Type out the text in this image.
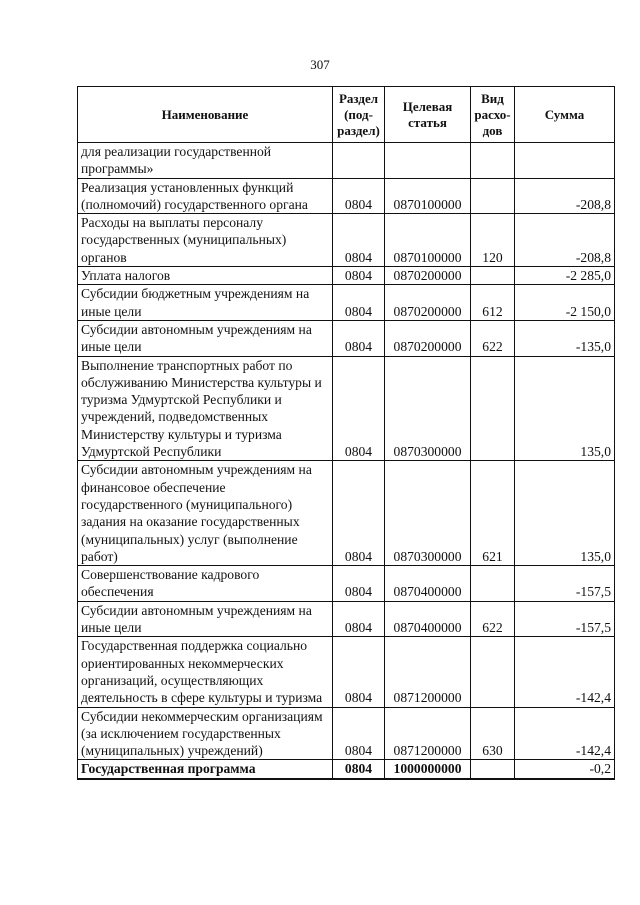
307
Наименование	Раздел (под-раздел)	Целевая статья	Вид расхо-дов	Сумма
для реализации государственной программы»				
Реализация установленных функций (полномочий) государственного органа	0804	0870100000		-208,8
Расходы на выплаты персоналу государственных (муниципальных) органов	0804	0870100000	120	-208,8
Уплата налогов	0804	0870200000		-2 285,0
Субсидии бюджетным учреждениям на иные цели	0804	0870200000	612	-2 150,0
Субсидии автономным учреждениям на иные цели	0804	0870200000	622	-135,0
Выполнение транспортных работ по обслуживанию Министерства культуры и туризма Удмуртской Республики и учреждений, подведомственных Министерству культуры и туризма Удмуртской Республики	0804	0870300000		135,0
Субсидии автономным учреждениям на финансовое обеспечение государственного (муниципального) задания на оказание государственных (муниципальных) услуг (выполнение работ)	0804	0870300000	621	135,0
Совершенствование кадрового обеспечения	0804	0870400000		-157,5
Субсидии автономным учреждениям на иные цели	0804	0870400000	622	-157,5
Государственная поддержка социально ориентированных некоммерческих организаций, осуществляющих деятельность в сфере культуры и туризма	0804	0871200000		-142,4
Субсидии некоммерческим организациям (за исключением государственных (муниципальных) учреждений)	0804	0871200000	630	-142,4
Государственная программа	0804	1000000000		-0,2
